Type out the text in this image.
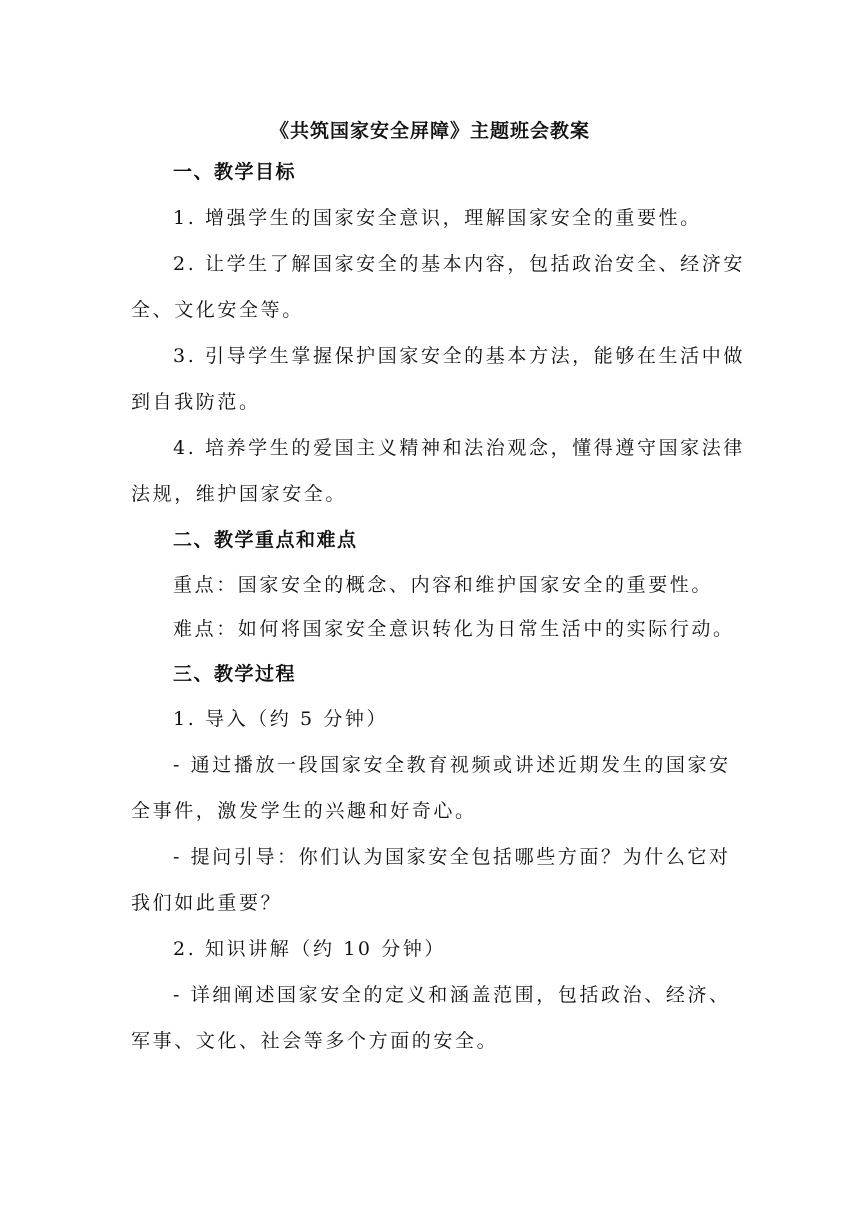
《共筑国家安全屏障》主题班会教案
一、教学目标
1. 增强学生的国家安全意识，理解国家安全的重要性。
2. 让学生了解国家安全的基本内容，包括政治安全、经济安
全、文化安全等。
3. 引导学生掌握保护国家安全的基本方法，能够在生活中做
到自我防范。
4. 培养学生的爱国主义精神和法治观念，懂得遵守国家法律
法规，维护国家安全。
二、教学重点和难点
重点：国家安全的概念、内容和维护国家安全的重要性。
难点：如何将国家安全意识转化为日常生活中的实际行动。
三、教学过程
1. 导入（约 5 分钟）
- 通过播放一段国家安全教育视频或讲述近期发生的国家安
全事件，激发学生的兴趣和好奇心。
- 提问引导：你们认为国家安全包括哪些方面？为什么它对
我们如此重要？
2. 知识讲解（约 10 分钟）
- 详细阐述国家安全的定义和涵盖范围，包括政治、经济、
军事、文化、社会等多个方面的安全。
